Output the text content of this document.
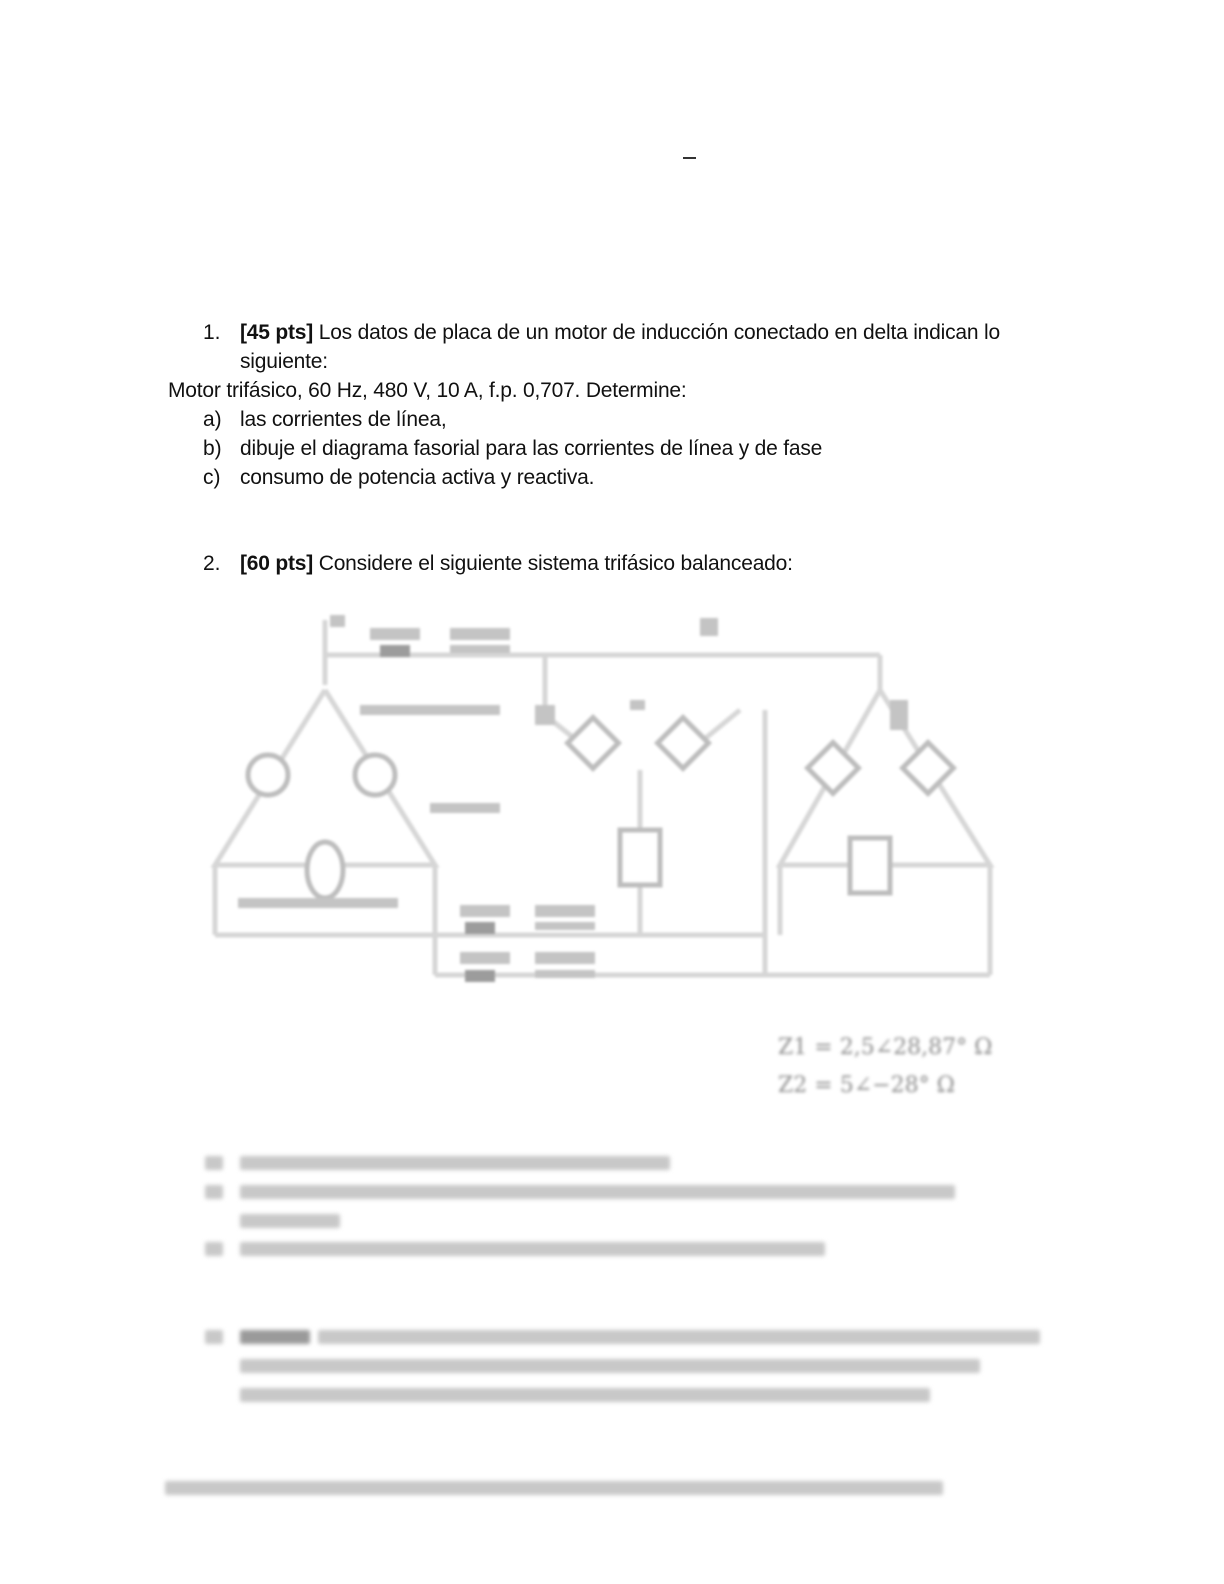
1. [45 pts] Los datos de placa de un motor de inducción conectado en delta indican lo
siguiente:
Motor trifásico, 60 Hz, 480 V, 10 A, f.p. 0,707. Determine:
a) las corrientes de línea,
b) dibuje el diagrama fasorial para las corrientes de línea y de fase
c) consumo de potencia activa y reactiva.
2. [60 pts] Considere el siguiente sistema trifásico balanceado:
Z1 = 2,5∠28,87° Ω
Z2 = 5∠−28° Ω
